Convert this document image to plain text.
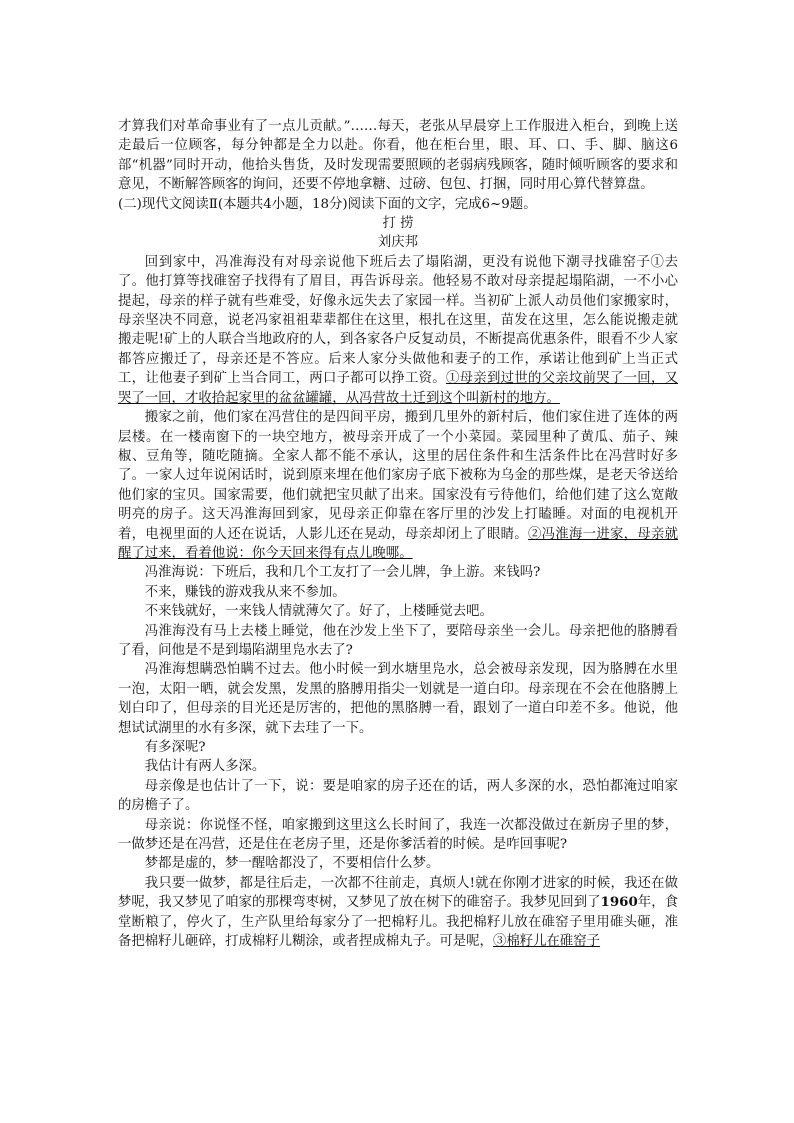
才算我们对革命事业有了一点儿贡献。”……每天，老张从早晨穿上工作服进入柜台，到晚上送走最后一位顾客，每分钟都是全力以赴。你看，他在柜台里，眼、耳、口、手、脚、脑这6部“机器”同时开动，他拾头售货，及时发现需要照顾的老弱病残顾客，随时倾听顾客的要求和意见，不断解答顾客的询问，还要不停地拿糖、过磅、包包、打捆，同时用心算代替算盘。

(二)现代文阅读Ⅱ(本题共4小题，18分)阅读下面的文字，完成6~9题。

打 捞

刘庆邦

回到家中，冯准海没有对母亲说他下班后去了塌陷湖，更没有说他下潮寻找碓窑子①去了。他打算等找碓窑子找得有了眉目，再告诉母亲。他轻易不敢对母亲提起塌陷湖，一不小心提起，母亲的样子就有些难受，好像永远失去了家园一样。当初矿上派人动员他们家搬家时，母亲坚决不同意，说老冯家祖祖辈辈都住在这里，根扎在这里，苗发在这里，怎么能说搬走就搬走呢!矿上的人联合当地政府的人，到各家各户反复动员，不断提高优惠条件，眼看不少人家都答应搬迁了，母亲还是不答应。后来人家分头做他和妻子的工作，承诺让他到矿上当正式工，让他妻子到矿上当合同工，两口子都可以挣工资。①母亲到过世的父亲坟前哭了一回，又哭了一回，才收拾起家里的盆盆罐罐，从冯营故土迁到这个叫新村的地方。

搬家之前，他们家在冯营住的是四间平房，搬到几里外的新村后，他们家住进了连体的两层楼。在一楼南窗下的一块空地方，被母亲开成了一个小菜园。菜园里种了黄瓜、茄子、辣椒、豆角等，随吃随摘。全家人都不能不承认，这里的居住条件和生活条件比在冯营时好多了。一家人过年说闲话时，说到原来埋在他们家房子底下被称为乌金的那些煤，是老天爷送给他们家的宝贝。国家需要，他们就把宝贝献了出来。国家没有亏待他们，给他们建了这么宽敞明亮的房子。这天冯淮海回到家，见母亲正仰靠在客厅里的沙发上打瞌睡。对面的电视机开着，电视里面的人还在说话，人影儿还在晃动，母亲却闭上了眼睛。②冯淮海一进家，母亲就醒了过来，看着他说：你今天回来得有点儿晚哪。

冯淮海说：下班后，我和几个工友打了一会儿牌，争上游。来钱吗?

不来，赚钱的游戏我从来不参加。

不来钱就好，一来钱人情就薄欠了。好了，上楼睡觉去吧。

冯淮海没有马上去楼上睡觉，他在沙发上坐下了，要陪母亲坐一会儿。母亲把他的胳膊看了看，问他是不是到塌陷湖里凫水去了?

冯淮海想瞒恐怕瞒不过去。他小时候一到水塘里凫水，总会被母亲发现，因为胳膊在水里一泡，太阳一晒，就会发黑，发黑的胳膊用指尖一划就是一道白印。母亲现在不会在他胳膊上划白印了，但母亲的目光还是厉害的，把他的黑胳膊一看，跟划了一道白印差不多。他说，他想试试湖里的水有多深，就下去珪了一下。

有多深呢?

我估计有两人多深。

母亲像是也估计了一下，说：要是咱家的房子还在的话，两人多深的水，恐怕都淹过咱家的房檐子了。

母亲说：你说怪不怪，咱家搬到这里这么长时间了，我连一次都没做过在新房子里的梦，一做梦还是在冯营，还是住在老房子里，还是你爹活着的时候。是咋回事呢?

梦都是虚的，梦一醒啥都没了，不要相信什么梦。

我只要一做梦，都是往后走，一次都不往前走，真烦人!就在你刚才进家的时候，我还在做梦呢，我又梦见了咱家的那棵弯枣树，又梦见了放在树下的碓窑子。我梦见回到了1960年，食堂断粮了，停火了，生产队里给每家分了一把棉籽儿。我把棉籽儿放在碓窑子里用碓头砸，准备把棉籽儿砸碎，打成棉籽儿糊涂，或者捏成棉丸子。可是呢，③棉籽儿在碓窑子
